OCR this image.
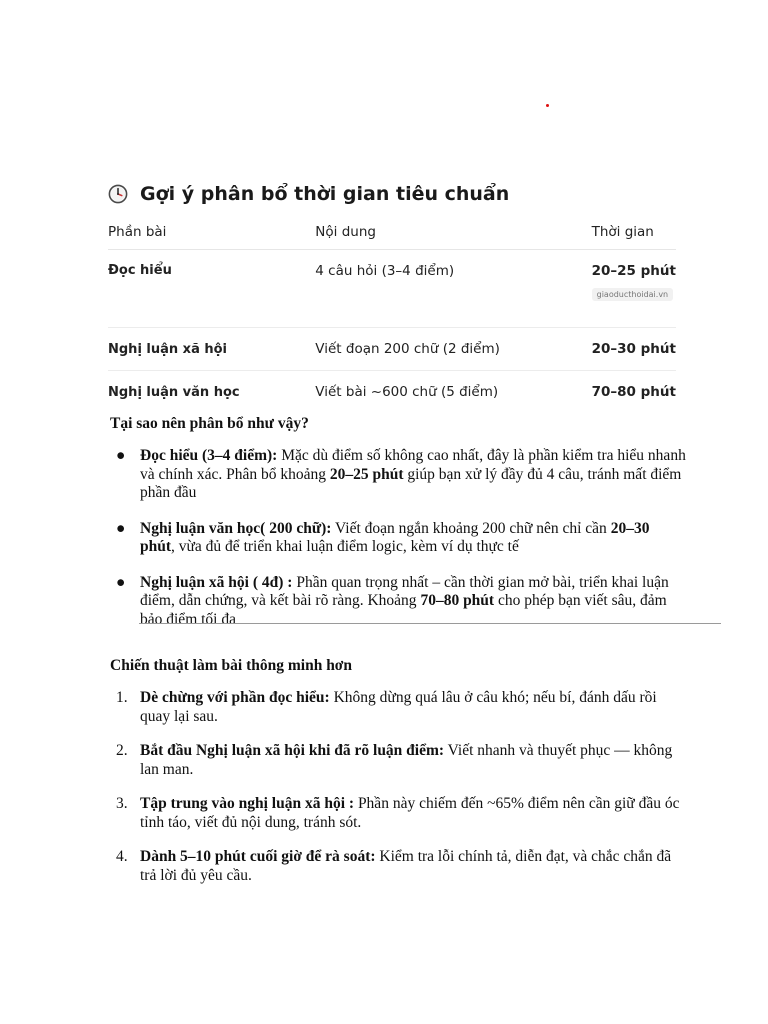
Gợi ý phân bổ thời gian tiêu chuẩn
Phần bài	Nội dung	Thời gian
Đọc hiểu	4 câu hỏi (3–4 điểm)	20–25 phút
giaoducthoidai.vn
Nghị luận xã hội	Viết đoạn 200 chữ (2 điểm)	20–30 phút
Nghị luận văn học	Viết bài ~600 chữ (5 điểm)	70–80 phút
Tại sao nên phân bổ như vậy?
● Đọc hiểu (3–4 điểm): Mặc dù điểm số không cao nhất, đây là phần kiểm tra hiểu nhanh và chính xác. Phân bổ khoảng 20–25 phút giúp bạn xử lý đầy đủ 4 câu, tránh mất điểm phần đầu
● Nghị luận văn học( 200 chữ): Viết đoạn ngắn khoảng 200 chữ nên chỉ cần 20–30 phút, vừa đủ để triển khai luận điểm logic, kèm ví dụ thực tế
● Nghị luận xã hội ( 4đ) : Phần quan trọng nhất – cần thời gian mở bài, triển khai luận điểm, dẫn chứng, và kết bài rõ ràng. Khoảng 70–80 phút cho phép bạn viết sâu, đảm bảo điểm tối đa
Chiến thuật làm bài thông minh hơn
1. Dè chừng với phần đọc hiểu: Không dừng quá lâu ở câu khó; nếu bí, đánh dấu rồi quay lại sau.
2. Bắt đầu Nghị luận xã hội khi đã rõ luận điểm: Viết nhanh và thuyết phục — không lan man.
3. Tập trung vào nghị luận xã hội : Phần này chiếm đến ~65% điểm nên cần giữ đầu óc tỉnh táo, viết đủ nội dung, tránh sót.
4. Dành 5–10 phút cuối giờ để rà soát: Kiểm tra lỗi chính tả, diễn đạt, và chắc chắn đã trả lời đủ yêu cầu.
